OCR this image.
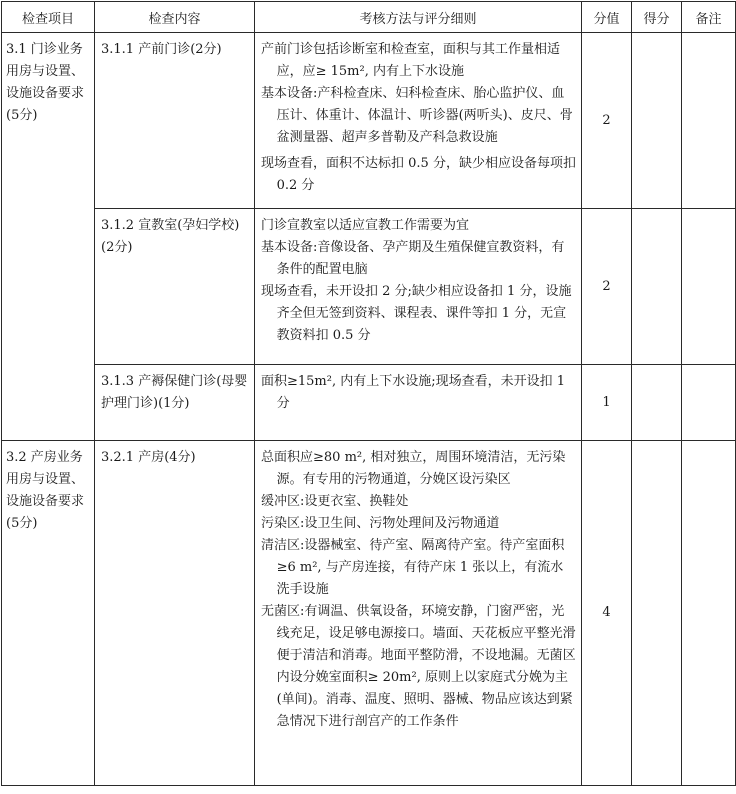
检查项目	检查内容	考核方法与评分细则	分值	得分	备注
3.1 门诊业务用房与设置、设施设备要求(5分)	3.1.1 产前门诊(2分)	产前门诊包括诊断室和检查室，面积与其工作量相适应，应≥ 15m², 内有上下水设施

基本设备:产科检查床、妇科检查床、胎心监护仪、血压计、体重计、体温计、听诊器(两听头)、皮尺、骨盆测量器、超声多普勒及产科急救设施

现场查看，面积不达标扣 0.5 分，缺少相应设备每项扣 0.2 分	2		
	3.1.2 宣教室(孕妇学校)(2分)	门诊宣教室以适应宣教工作需要为宜

基本设备:音像设备、孕产期及生殖保健宣教资料，有条件的配置电脑

现场查看，未开设扣 2 分;缺少相应设备扣 1 分，设施齐全但无签到资料、课程表、课件等扣 1 分，无宣教资料扣 0.5 分	2		
	3.1.3 产褥保健门诊(母婴护理门诊)(1分)	面积≥15m², 内有上下水设施;现场查看，未开设扣 1 分	1		
3.2 产房业务用房与设置、设施设备要求(5分)	3.2.1 产房(4分)	总面积应≥80 m², 相对独立，周围环境清洁，无污染源。有专用的污物通道，分娩区设污染区

缓冲区:设更衣室、换鞋处

污染区:设卫生间、污物处理间及污物通道

清洁区:设器械室、待产室、隔离待产室。待产室面积≥6 m², 与产房连接，有待产床 1 张以上，有流水洗手设施

无菌区:有调温、供氧设备，环境安静，门窗严密，光线充足，设足够电源接口。墙面、天花板应平整光滑便于清洁和消毒。地面平整防滑，不设地漏。无菌区内设分娩室面积≥ 20m², 原则上以家庭式分娩为主(单间)。消毒、温度、照明、器械、物品应该达到紧急情况下进行剖宫产的工作条件	4		
